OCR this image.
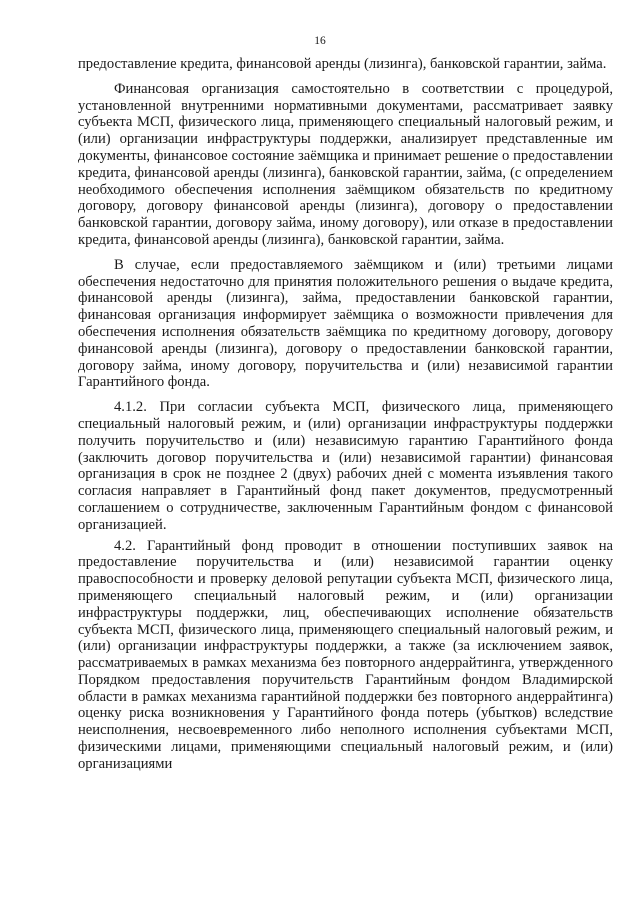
16

предоставление кредита, финансовой аренды (лизинга), банковской гарантии, займа.

Финансовая организация самостоятельно в соответствии с процедурой, установленной внутренними нормативными документами, рассматривает заявку субъекта МСП, физического лица, применяющего специальный налоговый режим, и (или) организации инфраструктуры поддержки, анализирует представленные им документы, финансовое состояние заёмщика и принимает решение о предоставлении кредита, финансовой аренды (лизинга), банковской гарантии, займа, (с определением необходимого обеспечения исполнения заёмщиком обязательств по кредитному договору, договору финансовой аренды (лизинга), договору о предоставлении банковской гарантии, договору займа, иному договору), или отказе в предоставлении кредита, финансовой аренды (лизинга), банковской гарантии, займа.

В случае, если предоставляемого заёмщиком и (или) третьими лицами обеспечения недостаточно для принятия положительного решения о выдаче кредита, финансовой аренды (лизинга), займа, предоставлении банковской гарантии, финансовая организация информирует заёмщика о возможности привлечения для обеспечения исполнения обязательств заёмщика по кредитному договору, договору финансовой аренды (лизинга), договору о предоставлении банковской гарантии, договору займа, иному договору, поручительства и (или) независимой гарантии Гарантийного фонда.

4.1.2. При согласии субъекта МСП, физического лица, применяющего специальный налоговый режим, и (или) организации инфраструктуры поддержки получить поручительство и (или) независимую гарантию Гарантийного фонда (заключить договор поручительства и (или) независимой гарантии) финансовая организация в срок не позднее 2 (двух) рабочих дней с момента изъявления такого согласия направляет в Гарантийный фонд пакет документов, предусмотренный соглашением о сотрудничестве, заключенным Гарантийным фондом с финансовой организацией.

4.2. Гарантийный фонд проводит в отношении поступивших заявок на предоставление поручительства и (или) независимой гарантии оценку правоспособности и проверку деловой репутации субъекта МСП, физического лица, применяющего специальный налоговый режим, и (или) организации инфраструктуры поддержки, лиц, обеспечивающих исполнение обязательств субъекта МСП, физического лица, применяющего специальный налоговый режим, и (или) организации инфраструктуры поддержки, а также (за исключением заявок, рассматриваемых в рамках механизма без повторного андеррайтинга, утвержденного Порядком предоставления поручительств Гарантийным фондом Владимирской области в рамках механизма гарантийной поддержки без повторного андеррайтинга) оценку риска возникновения у Гарантийного фонда потерь (убытков) вследствие неисполнения, несвоевременного либо неполного исполнения субъектами МСП, физическими лицами, применяющими специальный налоговый режим, и (или) организациями
